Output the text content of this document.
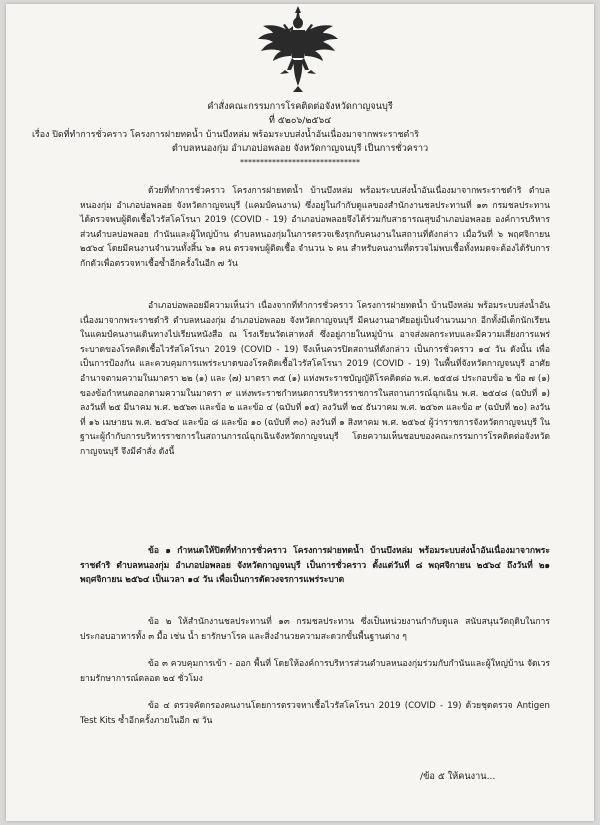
คำสั่งคณะกรรมการโรคติดต่อจังหวัดกาญจนบุรี
ที่ ๕๒๐๖/๒๕๖๔
เรื่อง ปิดที่ทำการชั่วคราว โครงการฝายทดน้ำ บ้านบึงหล่ม พร้อมระบบส่งน้ำอันเนื่องมาจากพระราชดำริ
ตำบลหนองกุ่ม อำเภอบ่อพลอย จังหวัดกาญจนบุรี เป็นการชั่วคราว
******************************
ด้วยที่ทำการชั่วคราว โครงการฝายทดน้ำ บ้านบึงหล่ม พร้อมระบบส่งน้ำอันเนื่องมาจากพระราชดำริ ตำบลหนองกุ่ม อำเภอบ่อพลอย จังหวัดกาญจนบุรี (แคมป์คนงาน) ซึ่งอยู่ในกำกับดูแลของสำนักงานชลประทานที่ ๑๓ กรมชลประทาน ได้ตรวจพบผู้ติดเชื้อไวรัสโคโรนา 2019 (COVID - 19) อำเภอบ่อพลอยจึงได้ร่วมกับสาธารณสุขอำเภอบ่อพลอย องค์การบริหารส่วนตำบลบ่อพลอย กำนันและผู้ใหญ่บ้าน ตำบลหนองกุ่มในการตรวจเชิงรุกกับคนงานในสถานที่ดังกล่าว เมื่อวันที่ ๖ พฤศจิกายน ๒๕๖๔ โดยมีคนงานจำนวนทั้งสิ้น ๖๑ คน ตรวจพบผู้ติดเชื้อ จำนวน ๖ คน สำหรับคนงานที่ตรวจไม่พบเชื้อทั้งหมดจะต้องได้รับการกักตัวเพื่อตรวจหาเชื้อซ้ำอีกครั้งในอีก ๗ วัน
อำเภอบ่อพลอยมีความเห็นว่า เนื่องจากที่ทำการชั่วคราว โครงการฝายทดน้ำ บ้านบึงหล่ม พร้อมระบบส่งน้ำอันเนื่องมาจากพระราชดำริ ตำบลหนองกุ่ม อำเภอบ่อพลอย จังหวัดกาญจนบุรี มีคนงานอาศัยอยู่เป็นจำนวนมาก อีกทั้งมีเด็กนักเรียนในแคมป์คนงานเดินทางไปเรียนหนังสือ ณ โรงเรียนวัดเสาหงส์ ซึ่งอยู่ภายในหมู่บ้าน อาจส่งผลกระทบและมีความเสี่ยงการแพร่ระบาดของโรคติดเชื้อไวรัสโคโรนา 2019 (COVID - 19) จึงเห็นควรปิดสถานที่ดังกล่าว เป็นการชั่วคราว ๑๔ วัน ดังนั้น เพื่อเป็นการป้องกัน และควบคุมการแพร่ระบาดของโรคติดเชื้อไวรัสโคโรนา 2019 (COVID - 19) ในพื้นที่จังหวัดกาญจนบุรี อาศัยอำนาจตามความในมาตรา ๒๒ (๑) และ (๗) มาตรา ๓๕ (๑) แห่งพระราชบัญญัติโรคติดต่อ พ.ศ. ๒๕๕๘ ประกอบข้อ ๒ ข้อ ๗ (๑) ของข้อกำหนดออกตามความในมาตรา ๙ แห่งพระราชกำหนดการบริหารราชการในสถานการณ์ฉุกเฉิน พ.ศ. ๒๕๔๘ (ฉบับที่ ๑) ลงวันที่ ๒๕ มีนาคม พ.ศ. ๒๕๖๓ และข้อ ๒ และข้อ ๔ (ฉบับที่ ๑๕) ลงวันที่ ๒๔ ธันวาคม พ.ศ. ๒๕๖๓ และข้อ ๙ (ฉบับที่ ๒๐) ลงวันที่ ๑๖ เมษายน พ.ศ. ๒๕๖๔ และข้อ ๘ และข้อ ๑๐ (ฉบับที่ ๓๐) ลงวันที่ ๑ สิงหาคม พ.ศ. ๒๕๖๔ ผู้ว่าราชการจังหวัดกาญจนบุรี ในฐานะผู้กำกับการบริหารราชการในสถานการณ์ฉุกเฉินจังหวัดกาญจนบุรี โดยความเห็นชอบของคณะกรรมการโรคติดต่อจังหวัดกาญจนบุรี จึงมีคำสั่ง ดังนี้
ข้อ ๑ กำหนดให้ปิดที่ทำการชั่วคราว โครงการฝายทดน้ำ บ้านบึงหล่ม พร้อมระบบส่งน้ำอันเนื่องมาจากพระราชดำริ ตำบลหนองกุ่ม อำเภอบ่อพลอย จังหวัดกาญจนบุรี เป็นการชั่วคราว ตั้งแต่วันที่ ๘ พฤศจิกายน ๒๕๖๔ ถึงวันที่ ๒๑ พฤศจิกายน ๒๕๖๔ เป็นเวลา ๑๔ วัน เพื่อเป็นการตัดวงจรการแพร่ระบาด
ข้อ ๒ ให้สำนักงานชลประทานที่ ๑๓ กรมชลประทาน ซึ่งเป็นหน่วยงานกำกับดูแล สนับสนุนวัตถุดิบในการประกอบอาหารทั้ง ๓ มื้อ เช่น น้ำ ยารักษาโรค และสิ่งอำนวยความสะดวกขั้นพื้นฐานต่าง ๆ
ข้อ ๓ ควบคุมการเข้า - ออก พื้นที่ โดยให้องค์การบริหารส่วนตำบลหนองกุ่มร่วมกับกำนันและผู้ใหญ่บ้าน จัดเวรยามรักษาการณ์ตลอด ๒๔ ชั่วโมง
ข้อ ๔ ตรวจคัดกรองคนงานโดยการตรวจหาเชื้อไวรัสโคโรนา 2019 (COVID - 19) ด้วยชุดตรวจ Antigen Test Kits ซ้ำอีกครั้งภายในอีก ๗ วัน
/ข้อ ๕ ให้คนงาน...
